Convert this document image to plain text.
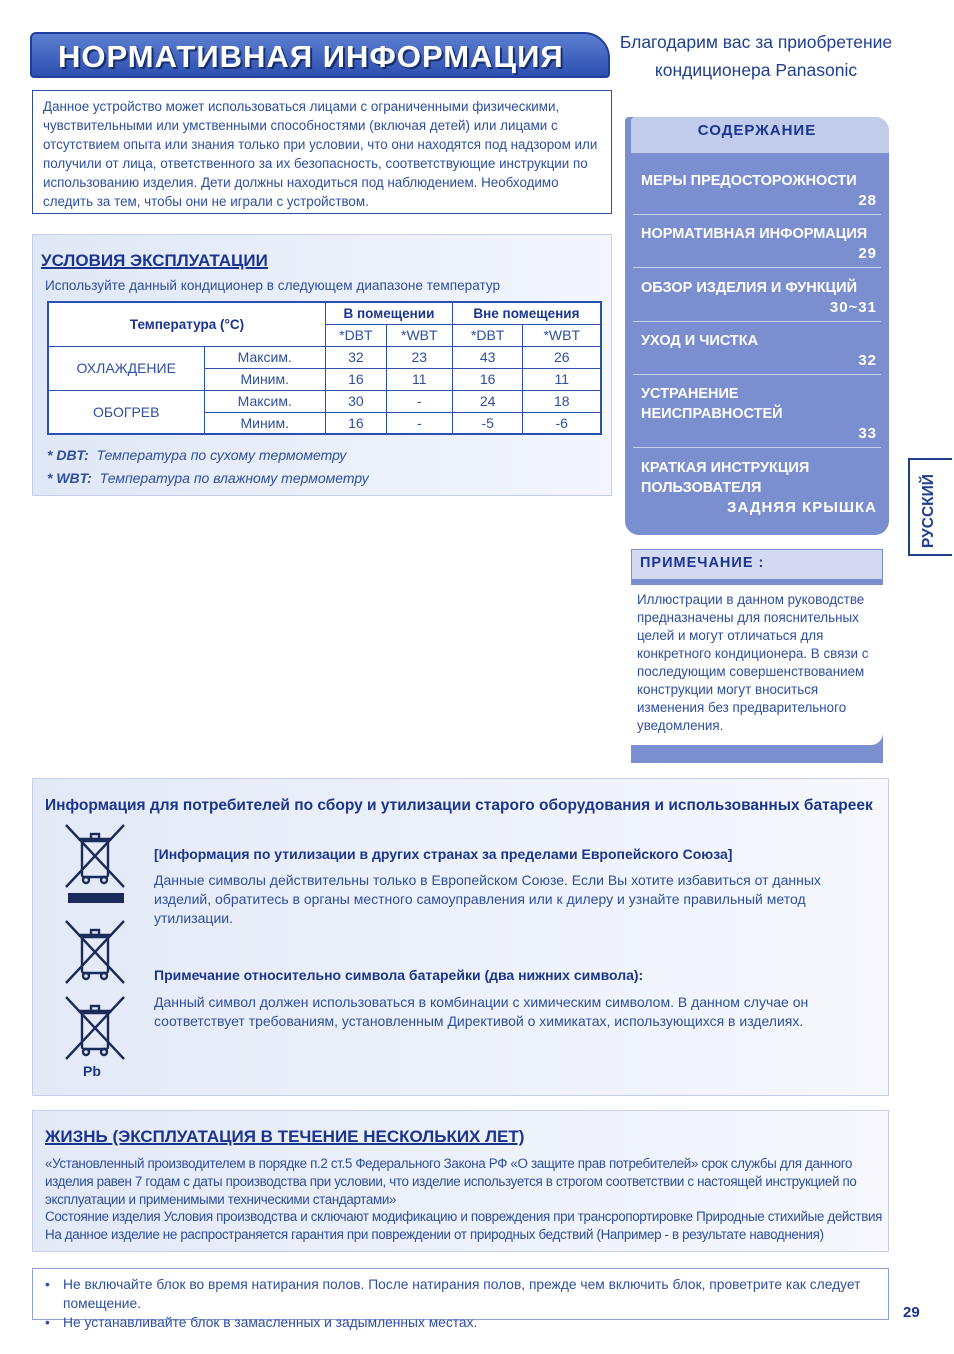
НОРМАТИВНАЯ ИНФОРМАЦИЯ	Благодарим вас за приобретение кондиционера Panasonic
Данное устройство может использоваться лицами с ограниченными физическими, чувствительными или умственными способностями (включая детей) или лицами с отсутствием опыта или знания только при условии, что они находятся под надзором или получили от лица, ответственного за их безопасность, соответствующие инструкции по использованию изделия. Дети должны находиться под наблюдением. Необходимо следить за тем, чтобы они не играли с устройством.
УСЛОВИЯ ЭКСПЛУАТАЦИИ
Используйте данный кондиционер в следующем диапазоне температур
Температура (°C)		В помещении		Вне помещения	
		*DBT	*WBT	*DBT	*WBT
ОХЛАЖДЕНИЕ	Максим.	32	23	43	26
	Миним.	16	11	16	11
ОБОГРЕВ	Максим.	30	-	24	18
	Миним.	16	-	-5	-6
* DBT: Температура по сухому термометру
* WBT: Температура по влажному термометру
СОДЕРЖАНИЕ
МЕРЫ ПРЕДОСТОРОЖНОСТИ
28
НОРМАТИВНАЯ ИНФОРМАЦИЯ
29
ОБЗОР ИЗДЕЛИЯ И ФУНКЦИЙ
30~31
УХОД И ЧИСТКА
32
УСТРАНЕНИЕ НЕИСПРАВНОСТЕЙ
33
КРАТКАЯ ИНСТРУКЦИЯ ПОЛЬЗОВАТЕЛЯ
ЗАДНЯЯ КРЫШКА
ПРИМЕЧАНИЕ :
Иллюстрации в данном руководстве предназначены для пояснительных целей и могут отличаться для конкретного кондиционера. В связи с последующим совершенствованием конструкции могут вноситься изменения без предварительного уведомления.
РУССКИЙ
Информация для потребителей по сбору и утилизации старого оборудования и использованных батареек
Pb
[Информация по утилизации в других странах за пределами Европейского Союза]
Данные символы действительны только в Европейском Союзе. Если Вы хотите избавиться от данных изделий, обратитесь в органы местного самоуправления или к дилеру и узнайте правильный метод утилизации.
Примечание относительно символа батарейки (два нижних символа):
Данный символ должен использоваться в комбинации с химическим символом. В данном случае он соответствует требованиям, установленным Директивой о химикатах, использующихся в изделиях.
ЖИЗНЬ (ЭКСПЛУАТАЦИЯ В ТЕЧЕНИЕ НЕСКОЛЬКИХ ЛЕТ)
«Установленный производителем в порядке п.2 ст.5 Федерального Закона РФ «О защите прав потребителей» срок службы для данного изделия равен 7 годам с даты производства при условии, что изделие используется в строгом соответствии с настоящей инструкцией по эксплуатации и применимыми техническими стандартами»
Состояние изделия Условия производства и сключают модификацию и повреждения при трансропортировке Природные стихийые действия На данное изделие не распространяется гарантия при повреждении от природных бедствий (Например - в результате наводнения)
• Не включайте блок во время натирания полов. После натирания полов, прежде чем включить блок, проветрите как следует помещение.
• Не устанавливайте блок в замасленных и задымленных местах.
29
